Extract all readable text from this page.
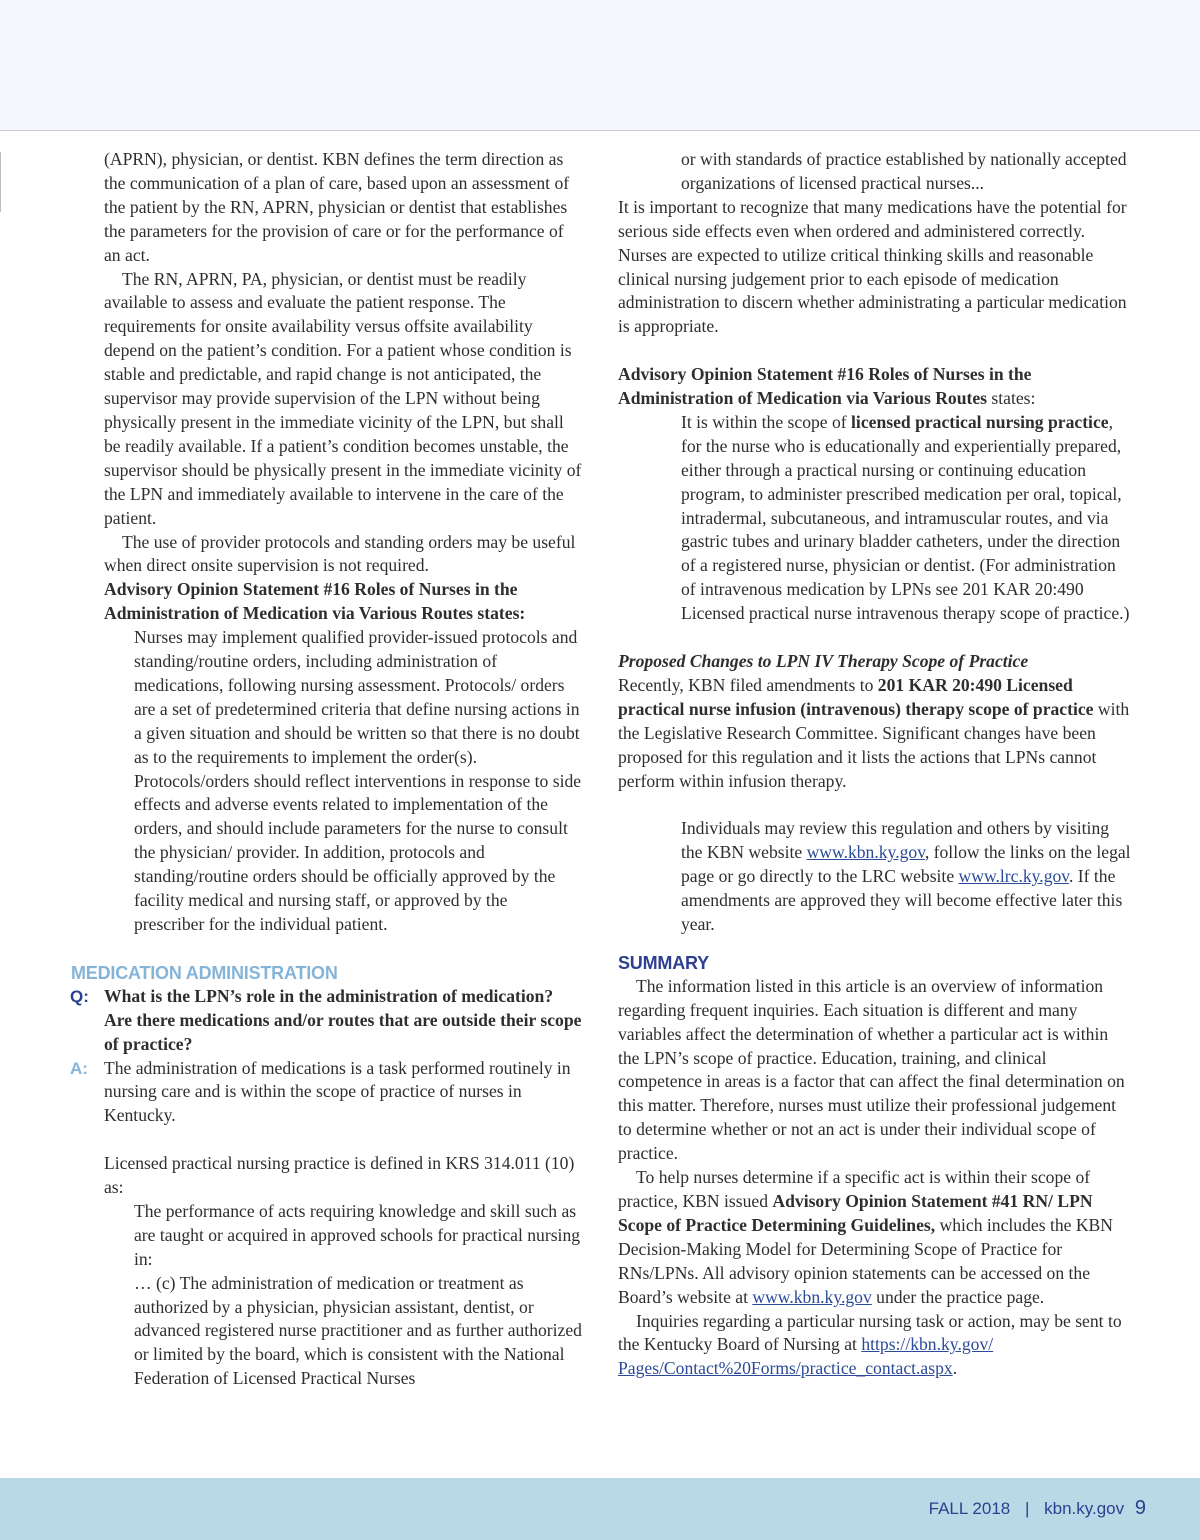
(APRN), physician, or dentist. KBN defines the term direction as the communication of a plan of care, based upon an assessment of the patient by the RN, APRN, physician or dentist that establishes the parameters for the provision of care or for the performance of an act.

The RN, APRN, PA, physician, or dentist must be readily available to assess and evaluate the patient response. The requirements for onsite availability versus offsite availability depend on the patient’s condition. For a patient whose condition is stable and predictable, and rapid change is not anticipated, the supervisor may provide supervision of the LPN without being physically present in the immediate vicinity of the LPN, but shall be readily available. If a patient’s condition becomes unstable, the supervisor should be physically present in the immediate vicinity of the LPN and immediately available to intervene in the care of the patient.

The use of provider protocols and standing orders may be useful when direct onsite supervision is not required.

Advisory Opinion Statement #16 Roles of Nurses in the Administration of Medication via Various Routes states:

Nurses may implement qualified provider-issued protocols and standing/routine orders, including administration of medications, following nursing assessment. Protocols/ orders are a set of predetermined criteria that define nursing actions in a given situation and should be written so that there is no doubt as to the requirements to implement the order(s). Protocols/orders should reflect interventions in response to side effects and adverse events related to implementation of the orders, and should include parameters for the nurse to consult the physician/ provider. In addition, protocols and standing/routine orders should be officially approved by the facility medical and nursing staff, or approved by the prescriber for the individual patient.

MEDICATION ADMINISTRATION
Q: What is the LPN’s role in the administration of medication? Are there medications and/or routes that are outside their scope of practice?
A: The administration of medications is a task performed routinely in nursing care and is within the scope of practice of nurses in Kentucky.

Licensed practical nursing practice is defined in KRS 314.011 (10) as:

The performance of acts requiring knowledge and skill such as are taught or acquired in approved schools for practical nursing in:

… (c) The administration of medication or treatment as authorized by a physician, physician assistant, dentist, or advanced registered nurse practitioner and as further authorized or limited by the board, which is consistent with the National Federation of Licensed Practical Nurses

or with standards of practice established by nationally accepted organizations of licensed practical nurses...

It is important to recognize that many medications have the potential for serious side effects even when ordered and administered correctly. Nurses are expected to utilize critical thinking skills and reasonable clinical nursing judgement prior to each episode of medication administration to discern whether administrating a particular medication is appropriate.

Advisory Opinion Statement #16 Roles of Nurses in the Administration of Medication via Various Routes states:

It is within the scope of licensed practical nursing practice, for the nurse who is educationally and experientially prepared, either through a practical nursing or continuing education program, to administer prescribed medication per oral, topical, intradermal, subcutaneous, and intramuscular routes, and via gastric tubes and urinary bladder catheters, under the direction of a registered nurse, physician or dentist. (For administration of intravenous medication by LPNs see 201 KAR 20:490 Licensed practical nurse intravenous therapy scope of practice.)

Proposed Changes to LPN IV Therapy Scope of Practice

Recently, KBN filed amendments to 201 KAR 20:490 Licensed practical nurse infusion (intravenous) therapy scope of practice with the Legislative Research Committee. Significant changes have been proposed for this regulation and it lists the actions that LPNs cannot perform within infusion therapy.

Individuals may review this regulation and others by visiting the KBN website www.kbn.ky.gov, follow the links on the legal page or go directly to the LRC website www.lrc.ky.gov. If the amendments are approved they will become effective later this year.

SUMMARY

The information listed in this article is an overview of information regarding frequent inquiries. Each situation is different and many variables affect the determination of whether a particular act is within the LPN’s scope of practice. Education, training, and clinical competence in areas is a factor that can affect the final determination on this matter. Therefore, nurses must utilize their professional judgement to determine whether or not an act is under their individual scope of practice.

To help nurses determine if a specific act is within their scope of practice, KBN issued Advisory Opinion Statement #41 RN/ LPN Scope of Practice Determining Guidelines, which includes the KBN Decision-Making Model for Determining Scope of Practice for RNs/LPNs. All advisory opinion statements can be accessed on the Board’s website at www.kbn.ky.gov under the practice page.

Inquiries regarding a particular nursing task or action, may be sent to the Kentucky Board of Nursing at https://kbn.ky.gov/ Pages/Contact%20Forms/practice_contact.aspx.

FALL 2018 | kbn.ky.gov 9
